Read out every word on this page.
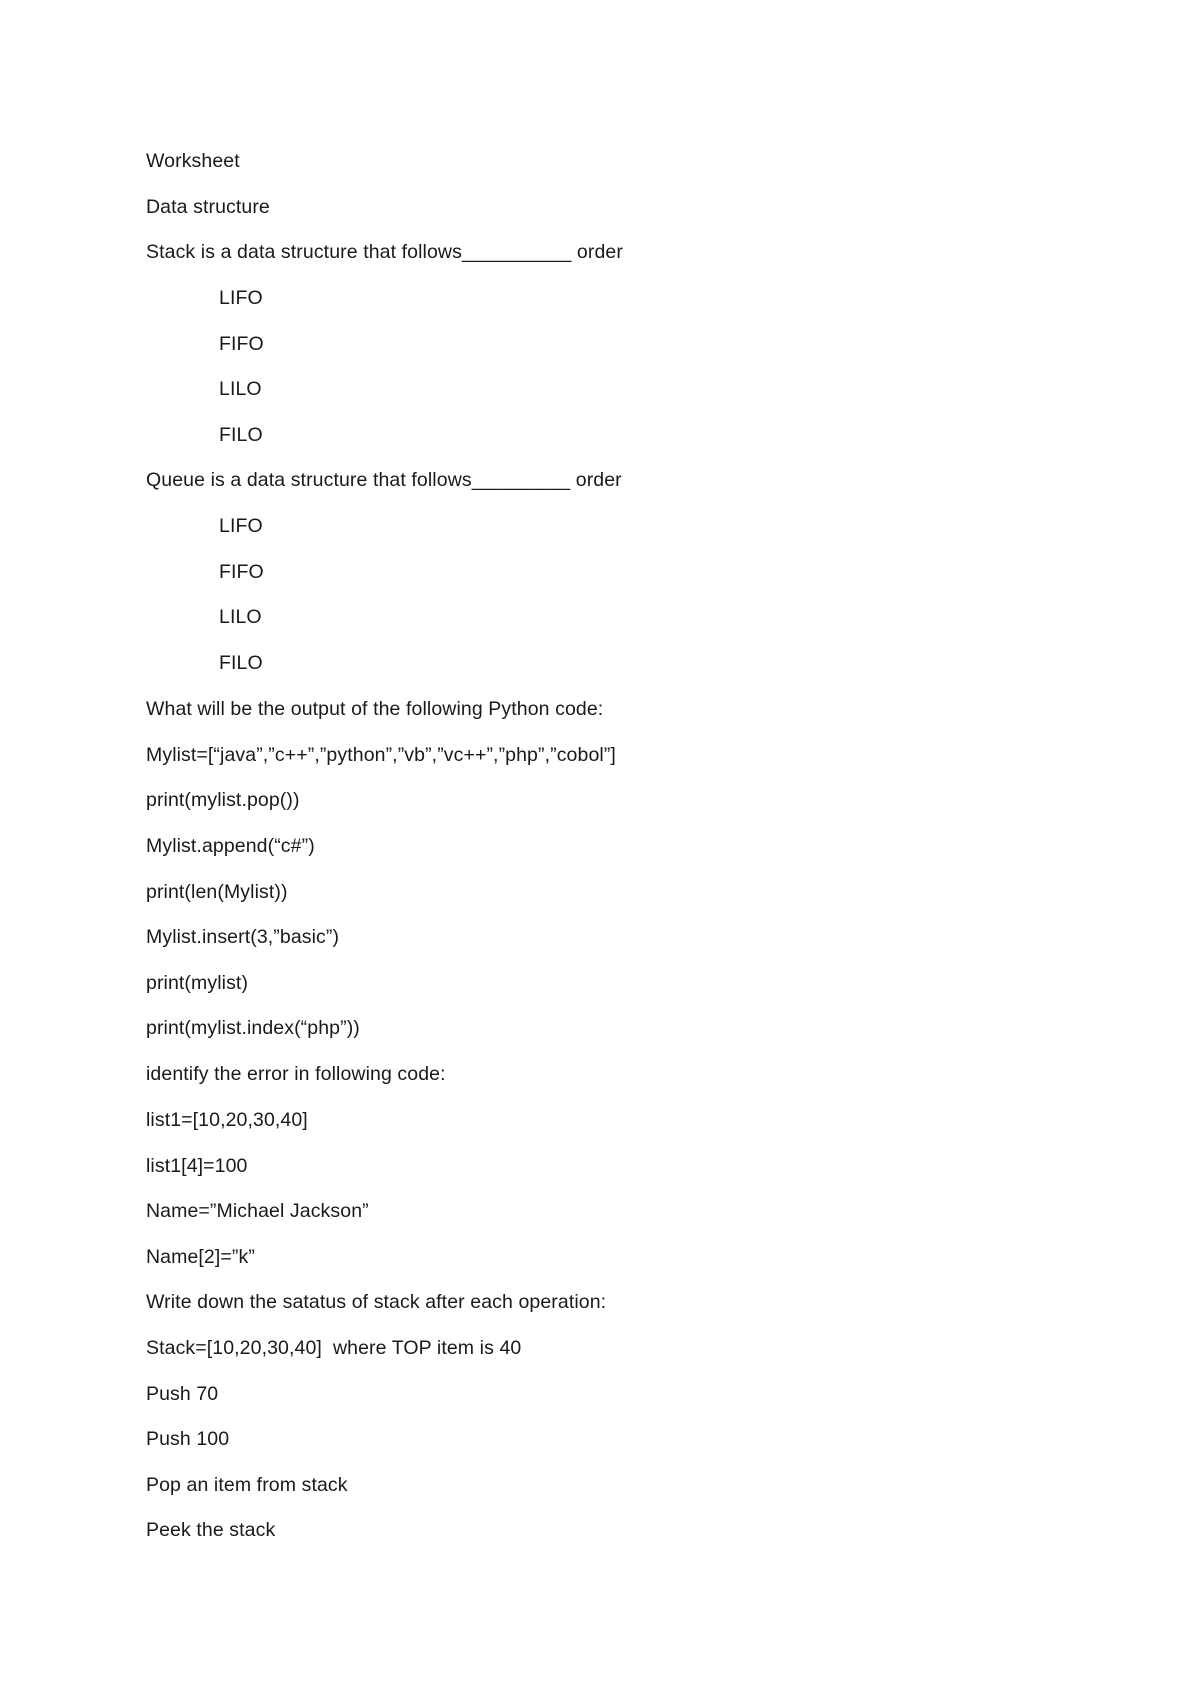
Worksheet
Data structure
Stack is a data structure that follows__________ order
LIFO
FIFO
LILO
FILO
Queue is a data structure that follows_________ order
LIFO
FIFO
LILO
FILO
What will be the output of the following Python code:
Mylist=[“java”,”c++”,”python”,”vb”,”vc++”,”php”,”cobol”]
print(mylist.pop())
Mylist.append(“c#”)
print(len(Mylist))
Mylist.insert(3,”basic”)
print(mylist)
print(mylist.index(“php”))
identify the error in following code:
list1=[10,20,30,40]
list1[4]=100
Name=”Michael Jackson”
Name[2]=”k”
Write down the satatus of stack after each operation:
Stack=[10,20,30,40]  where TOP item is 40
Push 70
Push 100
Pop an item from stack
Peek the stack
